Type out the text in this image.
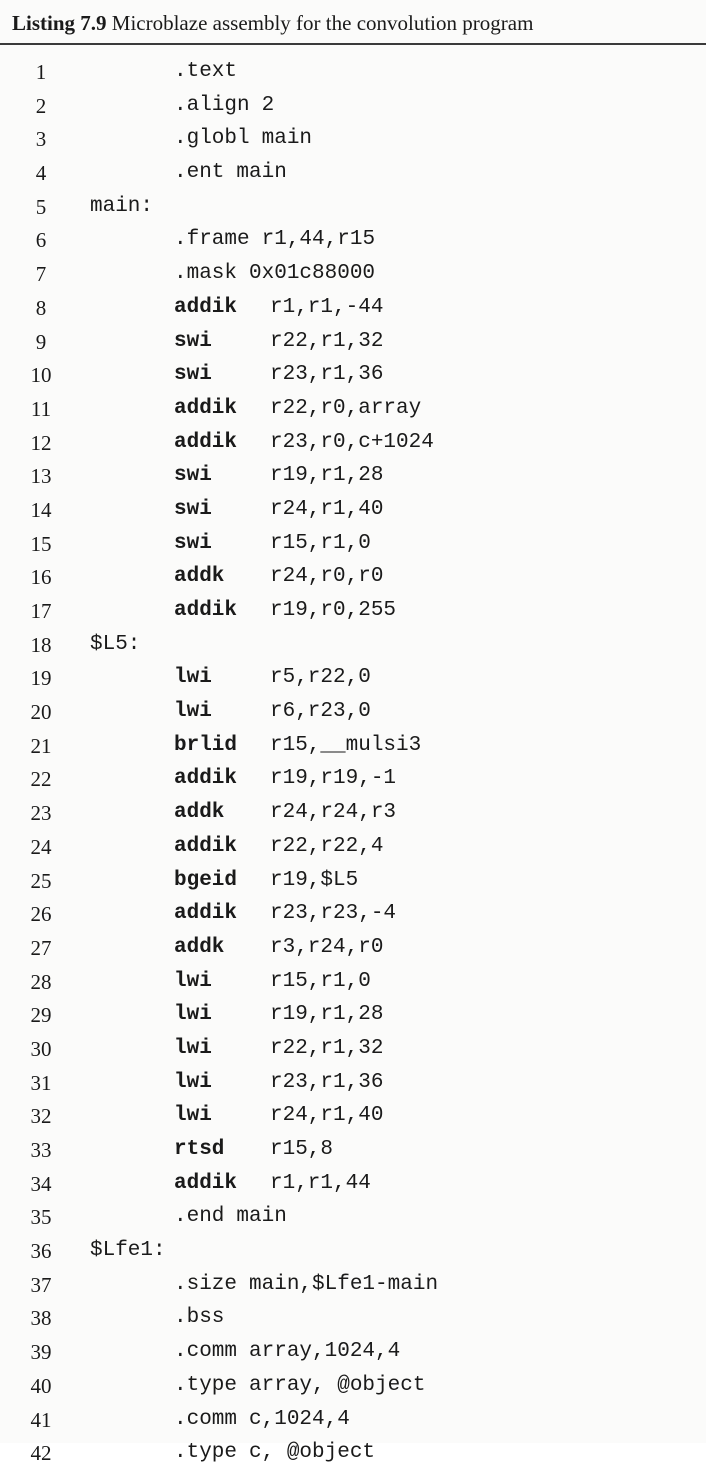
Listing 7.9 Microblaze assembly for the convolution program
1	.text
2	.align 2
3	.globl main
4	.ent main
5	main:
6	.frame r1,44,r15
7	.mask 0x01c88000
8	addik r1,r1,-44
9	swi	r22,r1,32
10	swi	r23,r1,36
11	addik r22,r0,array
12	addik r23,r0,c+1024
13	swi	r19,r1,28
14	swi	r24,r1,40
15	swi	r15,r1,0
16	addk r24,r0,r0
17	addik r19,r0,255
18	$L5:
19	lwi	r5,r22,0
20	lwi	r6,r23,0
21	brlid r15,__mulsi3
22	addik r19,r19,-1
23	addk r24,r24,r3
24	addik r22,r22,4
25	bgeid r19,$L5
26	addik r23,r23,-4
27	addk r3,r24,r0
28	lwi	r15,r1,0
29	lwi	r19,r1,28
30	lwi	r22,r1,32
31	lwi	r23,r1,36
32	lwi	r24,r1,40
33	rtsd r15,8
34	addik r1,r1,44
35	.end main
36	$Lfe1:
37	.size main,$Lfe1-main
38	.bss
39	.comm array,1024,4
40	.type array, @object
41	.comm c,1024,4
42	.type c, @object
